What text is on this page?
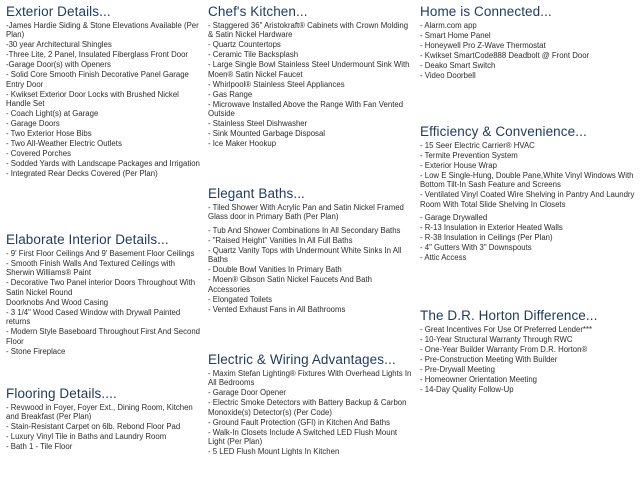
Exterior Details...
-James Hardie Siding & Stone Elevations Available (Per Plan)
-30 year Architectural Shingles
-Three Lite, 2 Panel, Insulated Fiberglass Front Door
-Garage Door(s) with Openers
- Solid Core Smooth Finish Decorative Panel Garage Entry Door
- Kwikset Exterior Door Locks with Brushed Nickel Handle Set
- Coach Light(s) at Garage
- Garage Doors
- Two Exterior Hose Bibs
- Two All-Weather Electric Outlets
- Covered Porches
- Sodded Yards with Landscape Packages and Irrigation
- Integrated Rear Decks Covered (Per Plan)
Elaborate Interior Details...
- 9' First Floor Ceilings And 9' Basement Floor Ceilings
- Smooth Finish Walls And Textured Ceilings with Sherwin Williams® Paint
- Decorative Two Panel interior Doors Throughout With Satin Nickel Round
Doorknobs And Wood Casing
- 3 1/4" Wood Cased Window with Drywall Painted returns
- Modern Style Baseboard Throughout First And Second Floor
- Stone Fireplace
Flooring Details....
- Revwood in Foyer, Foyer Ext., Dining Room, Kitchen and Breakfast (Per Plan)
- Stain-Resistant Carpet on 6lb. Rebond Floor Pad
- Luxury Vinyl Tile in Baths and Laundry Room
- Bath 1 - Tile Floor
Chef's Kitchen...
- Staggered 36" Aristokraft® Cabinets with Crown Molding & Satin Nickel Hardware
- Quartz Countertops
- Ceramic Tile Backsplash
- Large Single Bowl Stainless Steel Undermount Sink With Moen® Satin Nickel Faucet
- Whirlpool® Stainless Steel Appliances
- Gas Range
- Microwave Installed Above the Range With Fan Vented Outside
- Stainless Steel Dishwasher
- Sink Mounted Garbage Disposal
- Ice Maker Hookup
Elegant Baths...
- Tiled Shower With Acrylic Pan and Satin Nickel Framed Glass door in Primary Bath (Per Plan)
- Tub And Shower Combinations In All Secondary Baths
- "Raised Height" Vanities In All Full Baths
- Quartz Vanity Tops with Undermount White Sinks In All Baths
- Double Bowl Vanities In Primary Bath
- Moen® Gibson Satin Nickel Faucets And Bath Accessories
- Elongated Toilets
- Vented Exhaust Fans in All Bathrooms
Electric & Wiring Advantages...
- Maxim Stefan Lighting® Fixtures With Overhead Lights In All Bedrooms
- Garage Door Opener
- Electric Smoke Detectors with Battery Backup & Carbon Monoxide(s) Detector(s) (Per Code)
- Ground Fault Protection (GFI) in Kitchen And Baths
- Walk-In Closets Include A Switched LED Flush Mount Light (Per Plan)
- 5 LED Flush Mount Lights In Kitchen
Home is Connected...
- Alarm.com app
- Smart Home Panel
- Honeywell Pro Z-Wave Thermostat
- Kwikset SmartCode888 Deadbolt @ Front Door
- Deako Smart Switch
- Video Doorbell
Efficiency & Convenience...
- 15 Seer Electric Carrier® HVAC
- Termite Prevention System
- Exterior House Wrap
- Low E Single-Hung, Double Pane,White Vinyl Windows With Bottom Tilt-In Sash Feature and Screens
- Ventilated Vinyl Coated Wire Shelving in Pantry And Laundry Room With Total Slide Shelving In Closets
- Garage Drywalled
- R-13 Insulation in Exterior Heated Walls
- R-38 Insulation in Ceilings (Per Plan)
- 4" Gutters With 3" Downspouts
- Attic Access
The D.R. Horton Difference...
- Great Incentives For Use Of Preferred Lender***
- 10-Year Structural Warranty Through RWC
- One-Year Builder Warranty From D.R. Horton®
- Pre-Construction Meeting With Builder
- Pre-Drywall Meeting
- Homeowner Orientation Meeting
- 14-Day Quality Follow-Up
